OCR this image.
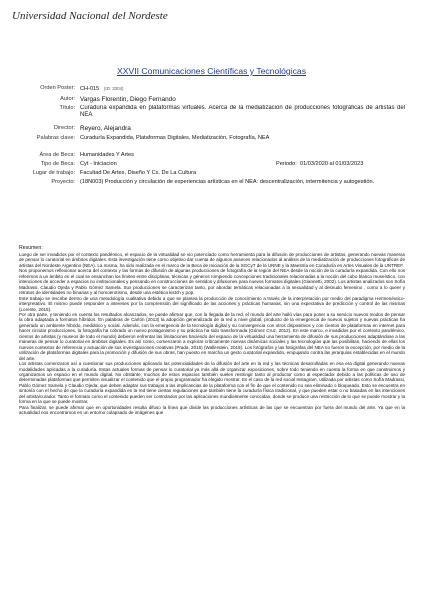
Universidad Nacional del Nordeste
XXVII Comunicaciones Científicas y Tecnológicas
Orden Poster: CH-015 (ID: 3304)
Autor: Vargas Florentin, Diego Fernando
Título: Curaduría expandida en plataformas virtuales. Acerca de la mediatización de producciones fotográficas de artistas del NEA
Director: Reyero, Alejandra
Palabras clave: Curaduría Expandida, Plataformas Digitales, Mediatización, Fotografía, NEA
Área de Beca: Humanidades Y Artes
Tipo de Beca: Cyt - Iniciacion	Periodo: 01/03/2020 al 01/03/2023
Lugar de trabajo: Facultad De Artes, Diseño Y Cs. De La Cultura
Proyecto: (18N003) Producción y circulación de experiencias artísticas en el NEA: descentralización, intermitencia y autogestión.
Resumen:

Luego de ser invadidos por el contexto pandémico, el espacio de la virtualidad se vio potenciado como herramienta para la difusión de producciones de artistas, generando nuevas maneras de pensar lo curatorial en ámbitos digitales. Esta investigación tiene como objetivo dar cuenta de algunos avances relacionados al análisis de la mediatización de producciones fotográficas de artistas del Nordeste Argentino (NEA). La misma, ha sido realizada en el marco de la Beca de Iniciación de la SGCyT de la UNNE y la Maestría en Curaduría en Artes Visuales de la UNTREF.

Nos proponemos reflexionar acerca del contexto y las formas de difusión de algunas producciones de fotografía de la región del NEA desde la noción de la curaduría expandida. Con ello nos referimos a un ámbito en el cual se ensanchan los límites entre disciplinas, técnicas y géneros rompiendo concepciones tradicionales relacionadas a la noción del cubo blanco museístico, con intenciones de acceder a espacios no institucionales y pensando en construcciones de sentidos y difusiones para nuevos formatos digitales (Giannetti, 2002). Los artistas analizados son Sofía Madrassi, Claudio Ojeda y Pablo Gómez Samela. Sus producciones se caracterizan tanto, por abordar temáticas relacionadas a la sexualidad y al desnudo femenino , como a lo queer y retratos de identidades no binarias y al homoerotismo, desde una estética kistch y pop.

Este trabajo se inscribe dentro de una metodología cualitativa debido a que se plantea la producción de conocimiento a través de la interpretación por medio del paradigma Hermenéutico-interpretativo. El mismo puede responder a intereses por la comprensión del significado de las acciones y prácticas humanas, sin una expectativa de predicción y control de las mismas (Lorente, 2015).

Por otra parte, y teniendo en cuenta los resultados alcanzados, se puede afirmar que, con la llegada de la red, el mundo del arte halló vías para poner a su servicio nuevos modos de pensar la obra adaptada a formatos híbridos. En palabras de Carlón (2013) la adopción generalizada de la red a nivel global, producto de la emergencia de nuevos sujetos y nuevas prácticas ha generado un ambiente híbrido, mediático y social. Además, con la emergencia de la tecnología digital y su convergencia con otros dispositivos y con cientos de plataformas en internet para hacer circular producciones, la fotografía ha cobrado un nuevo protagonismo y su práctica ha sido transformada (Gómez Cruz, 2012). En este marco, e invadidos por el contexto pandémico, cientos de artistas (y museos de todo el mundo) debieron enfrentar las limitaciones haciendo del espacio de la virtualidad una herramienta de difusión de sus producciones adaptándose a las maneras de pensar lo curatorial en ámbitos digitales. Es así como, comenzaron a explorar críticamente nuevas dinámicas sociales y las tecnologías que las posibilitan, haciendo de ellas los nuevos contextos de referencia y actuación de sus investigaciones creativas (Prada, 2015) (Wallerstein, 2019). Los fotógrafos y las fotógrafas del NEA no fueron la excepción, por medio de la utilización de plataformas digitales para la promoción y difusión de sus obras, han puesto en marcha un gesto curatorial expandido, empujando contra las jerarquías establecidas en el mundo del arte.

Los artistas comenzaron así a cuestionar sus producciones aplicando las potencialidades de la difusión del arte en la red y las técnicas desarrolladas en esa era digital generando nuevas modalidades aplicadas a la curaduría. Estas actuales formas de pensar lo curatorial ya más allá de organizar exposiciones, sobre todo teniendo en cuenta la forma en que construimos y organizamos un espacio en el mundo digital. No obstante, muchos de estos espacios también suelen restringir tanto al productor como al espectador debido a las políticas de uso de determinadas plataformas que permiten visualizar el contenido que el propio programador ha elegido mostrar. Es el caso de la red social Instagram, utilizada por artistas como Sofía Madrassi, Pablo Gómez Samela y Claudio Ojeda, que deben adaptar sus trabajos a las implicancias de la plataforma con el fin de que el contenido no sea eliminado o bloqueado. Esto se encuentra en sintonía con el hecho de que la curaduría expandida en la red tiene ciertas regulaciones que también tiene la curaduría física tradicional, y que pueden estar o no basadas en las intenciones del artista/curador. Tanto el formato como el contenido pueden ser controlados por las aplicaciones mundialmente conocidas, donde se produce una restricción de lo que se puede mostrar y la forma en la que se puede mostrar.

Para finalizar, se puede afirmar que en oportunidades resulta difuso la línea que divide las producciones artísticas de las que se encuentran por fuera del mundo del arte. Ya que en la actualidad nos encontramos en un entorno colapsado de imágenes que
